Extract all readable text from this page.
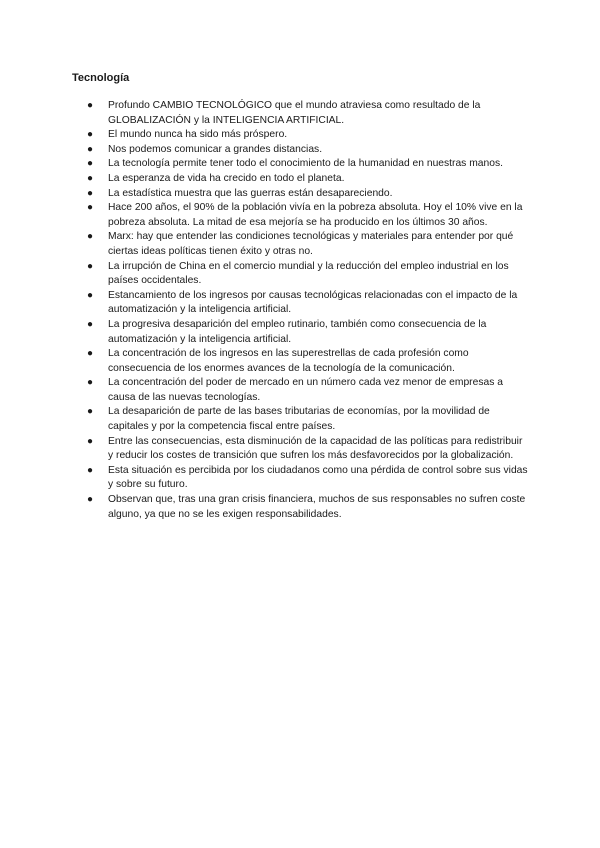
Tecnología
● Profundo CAMBIO TECNOLÓGICO que el mundo atraviesa como resultado de la GLOBALIZACIÓN y la INTELIGENCIA ARTIFICIAL.
● El mundo nunca ha sido más próspero.
● Nos podemos comunicar a grandes distancias.
● La tecnología permite tener todo el conocimiento de la humanidad en nuestras manos.
● La esperanza de vida ha crecido en todo el planeta.
● La estadística muestra que las guerras están desapareciendo.
● Hace 200 años, el 90% de la población vivía en la pobreza absoluta. Hoy el 10% vive en la pobreza absoluta. La mitad de esa mejoría se ha producido en los últimos 30 años.
● Marx: hay que entender las condiciones tecnológicas y materiales para entender por qué ciertas ideas políticas tienen éxito y otras no.
● La irrupción de China en el comercio mundial y la reducción del empleo industrial en los países occidentales.
● Estancamiento de los ingresos por causas tecnológicas relacionadas con el impacto de la automatización y la inteligencia artificial.
● La progresiva desaparición del empleo rutinario, también como consecuencia de la automatización y la inteligencia artificial.
● La concentración de los ingresos en las superestrellas de cada profesión como consecuencia de los enormes avances de la tecnología de la comunicación.
● La concentración del poder de mercado en un número cada vez menor de empresas a causa de las nuevas tecnologías.
● La desaparición de parte de las bases tributarias de economías, por la movilidad de capitales y por la competencia fiscal entre países.
● Entre las consecuencias, esta disminución de la capacidad de las políticas para redistribuir y reducir los costes de transición que sufren los más desfavorecidos por la globalización.
● Esta situación es percibida por los ciudadanos como una pérdida de control sobre sus vidas y sobre su futuro.
● Observan que, tras una gran crisis financiera, muchos de sus responsables no sufren coste alguno, ya que no se les exigen responsabilidades.
